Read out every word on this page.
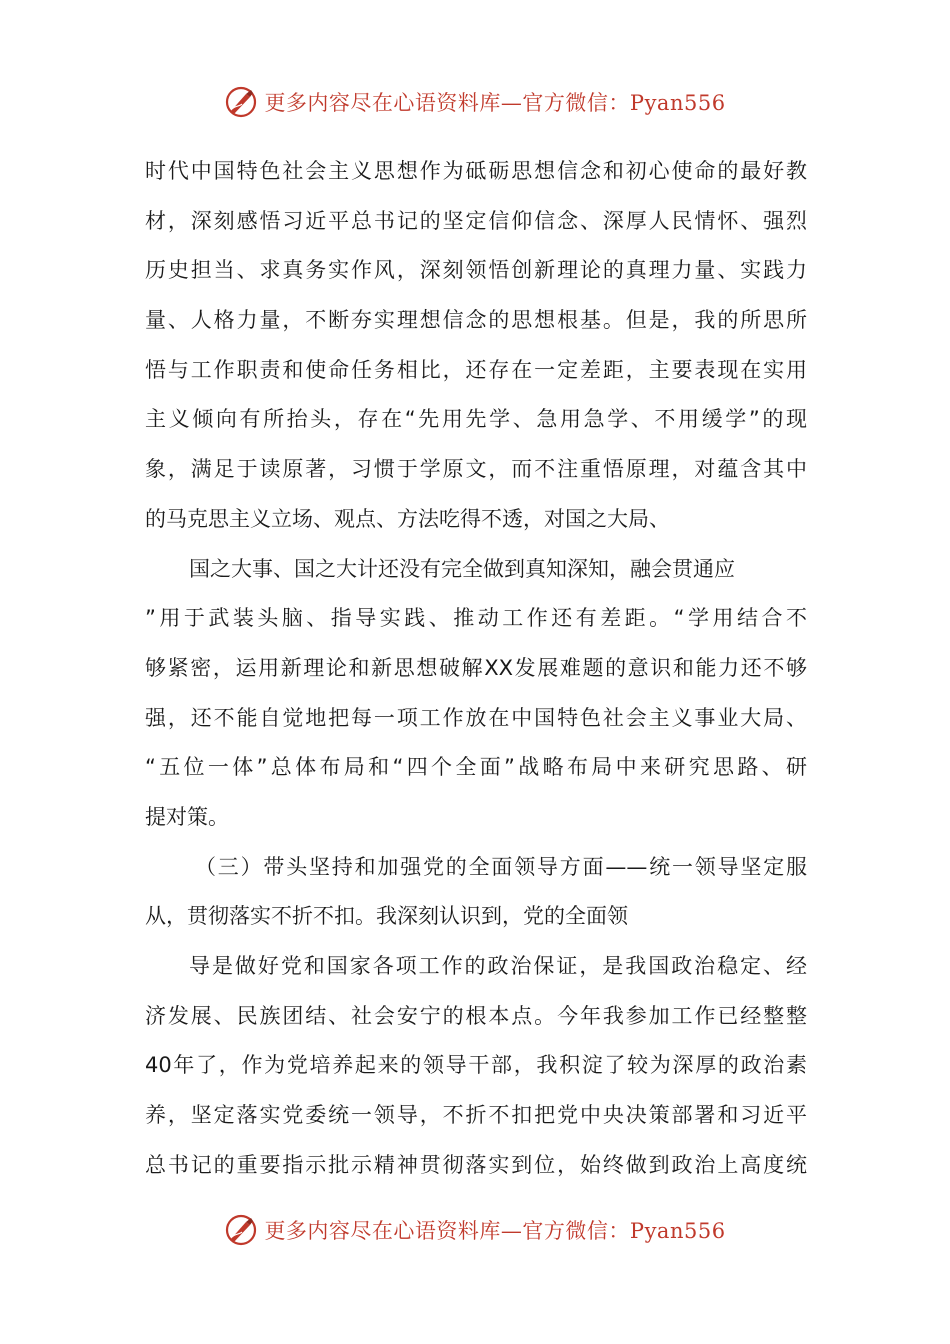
更多内容尽在心语资料库—官方微信：Pyan556
时代中国特色社会主义思想作为砥砺思想信念和初心使命的最好教
材，深刻感悟习近平总书记的坚定信仰信念、深厚人民情怀、强烈
历史担当、求真务实作风，深刻领悟创新理论的真理力量、实践力
量、人格力量，不断夯实理想信念的思想根基。但是，我的所思所
悟与工作职责和使命任务相比，还存在一定差距，主要表现在实用
主义倾向有所抬头，存在“先用先学、急用急学、不用缓学”的现
象，满足于读原著，习惯于学原文，而不注重悟原理，对蕴含其中
的马克思主义立场、观点、方法吃得不透，对国之大局、
国之大事、国之大计还没有完全做到真知深知，融会贯通应
”用于武装头脑、指导实践、推动工作还有差距。“学用结合不
够紧密，运用新理论和新思想破解XX发展难题的意识和能力还不够
强，还不能自觉地把每一项工作放在中国特色社会主义事业大局、
“五位一体”总体布局和“四个全面”战略布局中来研究思路、研
提对策。
（三）带头坚持和加强党的全面领导方面——统一领导坚定服
从，贯彻落实不折不扣。我深刻认识到，党的全面领
导是做好党和国家各项工作的政治保证，是我国政治稳定、经
济发展、民族团结、社会安宁的根本点。今年我参加工作已经整整
40年了，作为党培养起来的领导干部，我积淀了较为深厚的政治素
养，坚定落实党委统一领导，不折不扣把党中央决策部署和习近平
总书记的重要指示批示精神贯彻落实到位，始终做到政治上高度统
更多内容尽在心语资料库—官方微信：Pyan556
